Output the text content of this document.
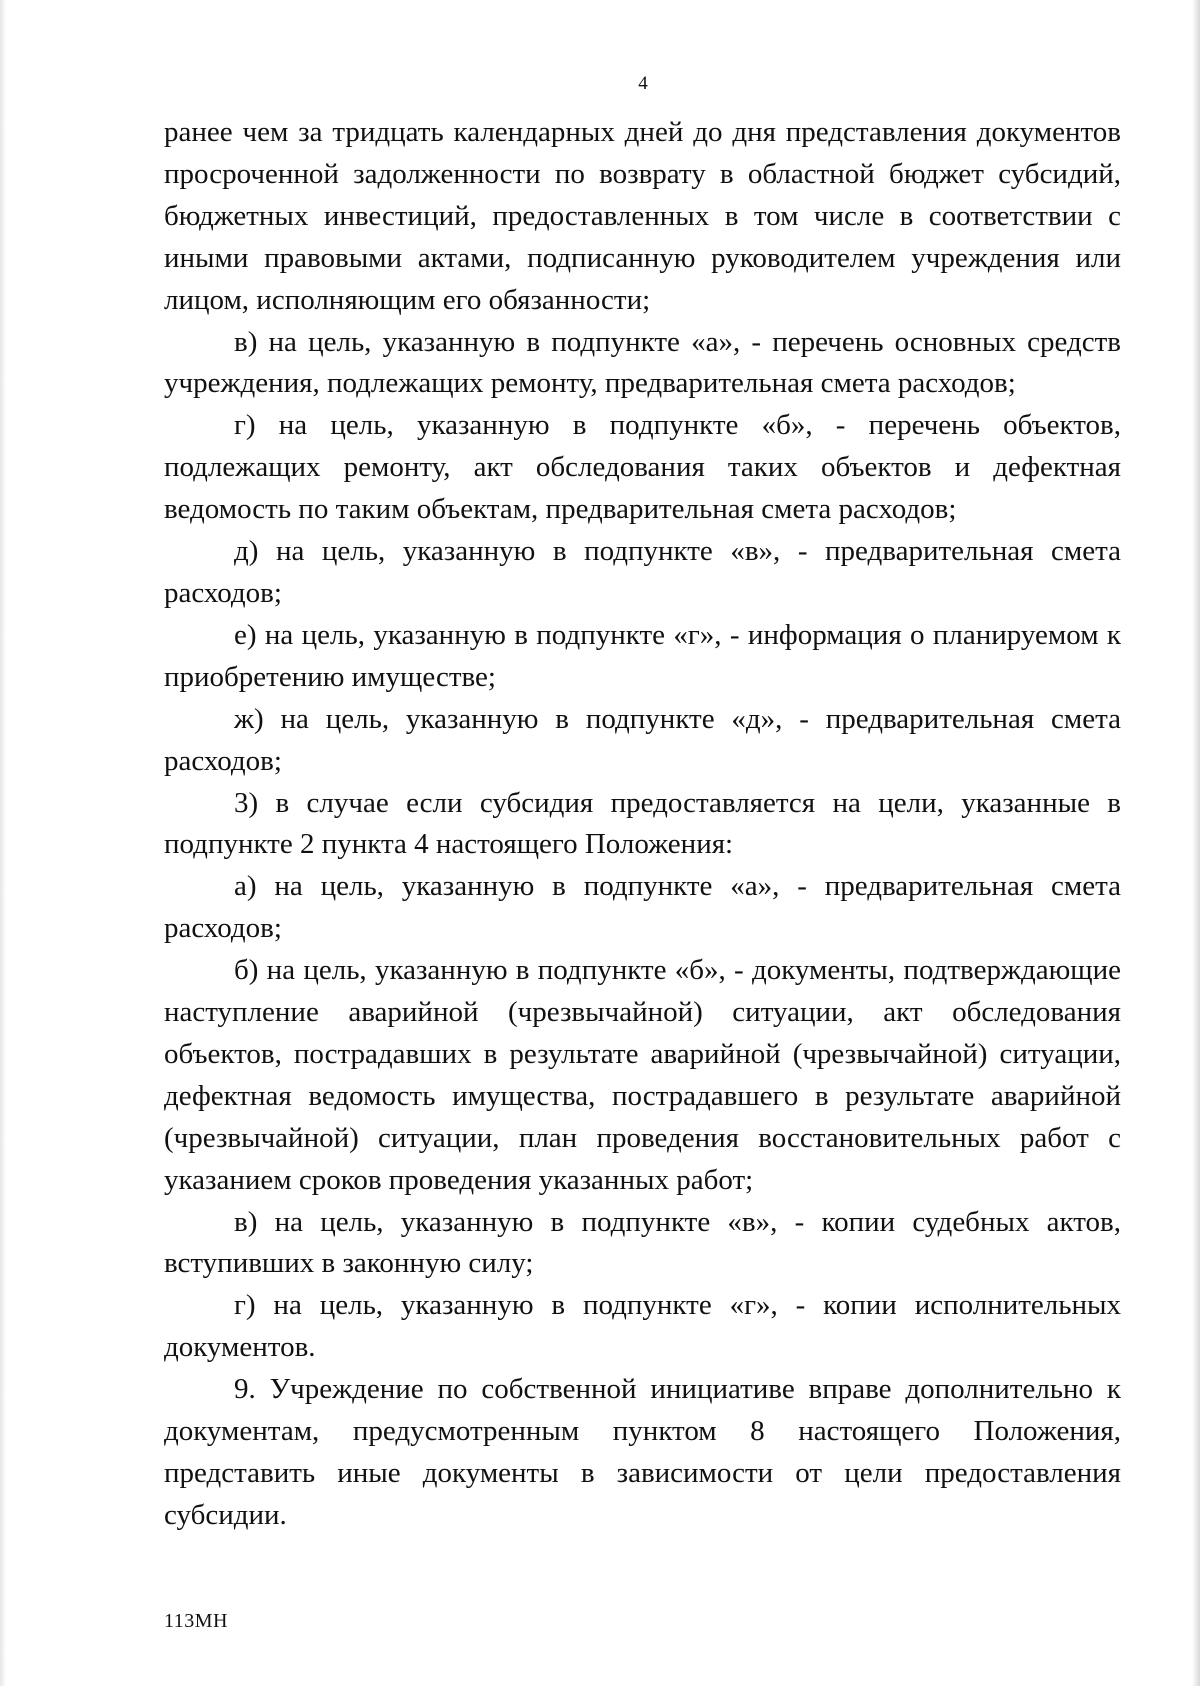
4

ранее чем за тридцать календарных дней до дня представления документов просроченной задолженности по возврату в областной бюджет субсидий, бюджетных инвестиций, предоставленных в том числе в соответствии с иными правовыми актами, подписанную руководителем учреждения или лицом, исполняющим его обязанности;

в) на цель, указанную в подпункте «а», - перечень основных средств учреждения, подлежащих ремонту, предварительная смета расходов;

г) на цель, указанную в подпункте «б», - перечень объектов, подлежащих ремонту, акт обследования таких объектов и дефектная ведомость по таким объектам, предварительная смета расходов;

д) на цель, указанную в подпункте «в», - предварительная смета расходов;

е) на цель, указанную в подпункте «г», - информация о планируемом к приобретению имуществе;

ж) на цель, указанную в подпункте «д», - предварительная смета расходов;

3) в случае если субсидия предоставляется на цели, указанные в подпункте 2 пункта 4 настоящего Положения:

а) на цель, указанную в подпункте «а», - предварительная смета расходов;

б) на цель, указанную в подпункте «б», - документы, подтверждающие наступление аварийной (чрезвычайной) ситуации, акт обследования объектов, пострадавших в результате аварийной (чрезвычайной) ситуации, дефектная ведомость имущества, пострадавшего в результате аварийной (чрезвычайной) ситуации, план проведения восстановительных работ с указанием сроков проведения указанных работ;

в) на цель, указанную в подпункте «в», - копии судебных актов, вступивших в законную силу;

г) на цель, указанную в подпункте «г», - копии исполнительных документов.

9. Учреждение по собственной инициативе вправе дополнительно к документам, предусмотренным пунктом 8 настоящего Положения, представить иные документы в зависимости от цели предоставления субсидии.

113МН
